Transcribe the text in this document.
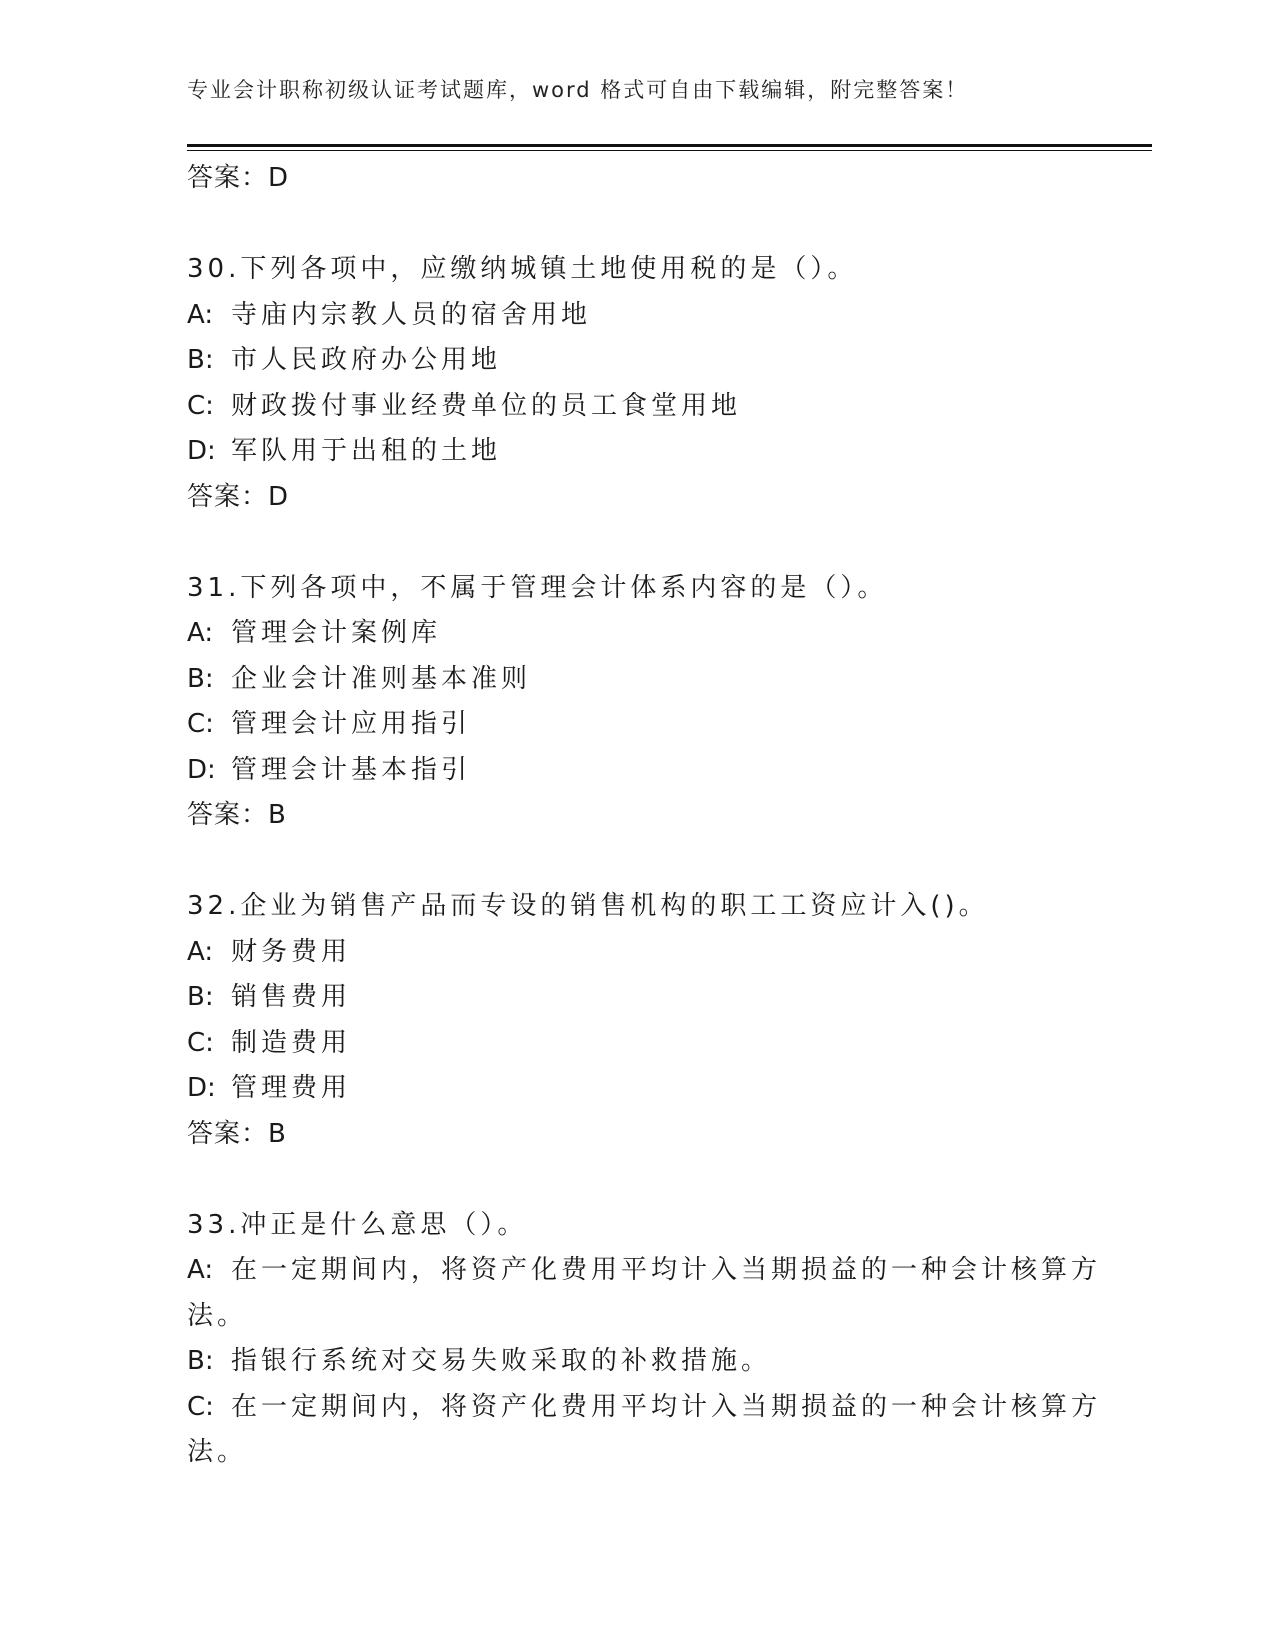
专业会计职称初级认证考试题库，word 格式可自由下载编辑，附完整答案！
答案：D
30.下列各项中，应缴纳城镇土地使用税的是（）。
A: 寺庙内宗教人员的宿舍用地
B: 市人民政府办公用地
C: 财政拨付事业经费单位的员工食堂用地
D: 军队用于出租的土地
答案：D
31.下列各项中，不属于管理会计体系内容的是（）。
A: 管理会计案例库
B: 企业会计准则基本准则
C: 管理会计应用指引
D: 管理会计基本指引
答案：B
32.企业为销售产品而专设的销售机构的职工工资应计入()。
A: 财务费用
B: 销售费用
C: 制造费用
D: 管理费用
答案：B
33.冲正是什么意思（）。
A: 在一定期间内，将资产化费用平均计入当期损益的一种会计核算方
法。
B: 指银行系统对交易失败采取的补救措施。
C: 在一定期间内，将资产化费用平均计入当期损益的一种会计核算方
法。
